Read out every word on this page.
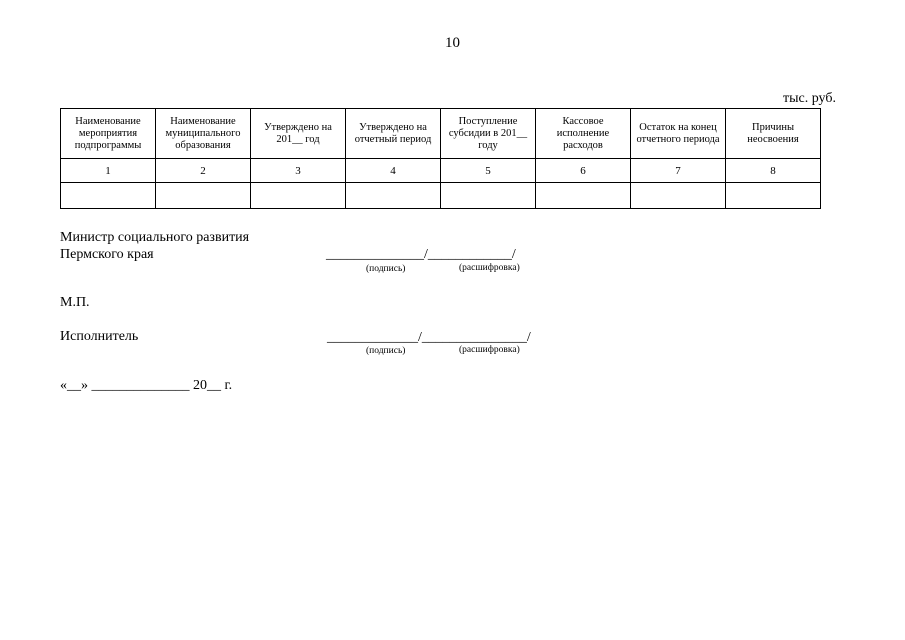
10
тыс. руб.
Наименование мероприятия подпрограммы	Наименование муниципального образования	Утверждено на 201__ год	Утверждено на отчетный период	Поступление субсидии в 201__ году	Кассовое исполнение расходов	Остаток на конец отчетного периода	Причины неосвоения
1	2	3	4	5	6	7	8

Министр социального развития
Пермского края	______________/____________/
(подпись)	(расшифровка)
М.П.
Исполнитель	_____________/_______________/
(подпись)	(расшифровка)
«__» ______________ 20__ г.
